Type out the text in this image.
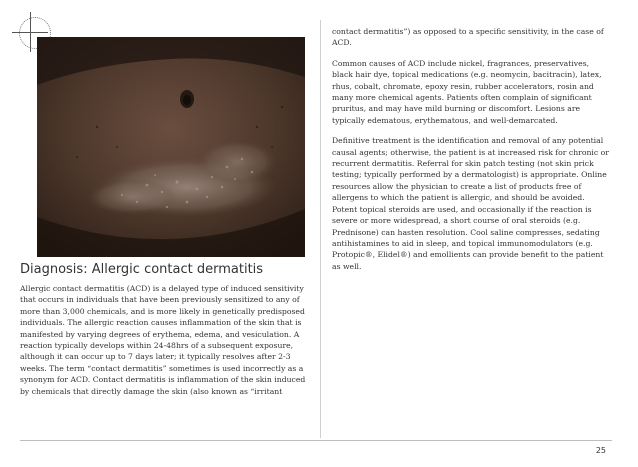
Diagnosis: Allergic contact dermatitis

Allergic contact dermatitis (ACD) is a delayed type of induced sensitivity that occurs in individuals that have been previously sensitized to any of more than 3,000 chemicals, and is more likely in genetically predisposed individuals. The allergic reaction causes inflammation of the skin that is manifested by varying degrees of erythema, edema, and vesiculation. A reaction typically develops within 24-48hrs of a subsequent exposure, although it can occur up to 7 days later; it typically resolves after 2-3 weeks. The term “contact dermatitis” sometimes is used incorrectly as a synonym for ACD. Contact dermatitis is inflammation of the skin induced by chemicals that directly damage the skin (also known as “irritant

contact dermatitis”) as opposed to a specific sensitivity, in the case of ACD.

Common causes of ACD include nickel, fragrances, preservatives, black hair dye, topical medications (e.g. neomycin, bacitracin), latex, rhus, cobalt, chromate, epoxy resin, rubber accelerators, rosin and many more chemical agents. Patients often complain of significant pruritus, and may have mild burning or discomfort. Lesions are typically edematous, erythematous, and well-demarcated.

Definitive treatment is the identification and removal of any potential causal agents; otherwise, the patient is at increased risk for chronic or recurrent dermatitis. Referral for skin patch testing (not skin prick testing; typically performed by a dermatologist) is appropriate. Online resources allow the physician to create a list of products free of allergens to which the patient is allergic, and should be avoided. Potent topical steroids are used, and occasionally if the reaction is severe or more widespread, a short course of oral steroids (e.g. Prednisone) can hasten resolution. Cool saline compresses, sedating antihistamines to aid in sleep, and topical immunomodulators (e.g. Protopic®, Elidel®) and emollients can provide benefit to the patient as well.

25
